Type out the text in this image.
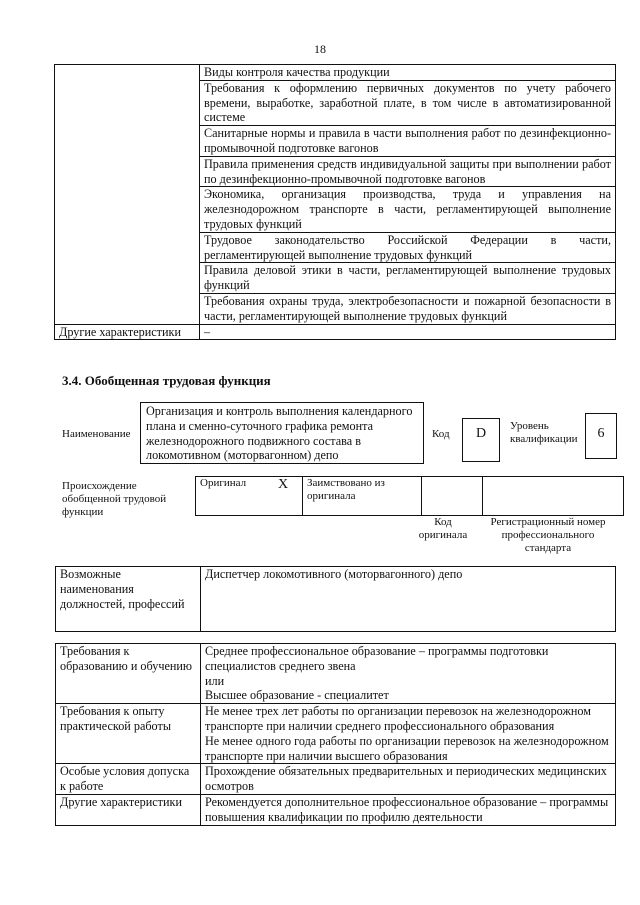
18
	Виды контроля качества продукции
	Требования к оформлению первичных документов по учету рабочего времени, выработке, заработной плате, в том числе в автоматизированной системе
	Санитарные нормы и правила в части выполнения работ по дезинфекционно-промывочной подготовке вагонов
	Правила применения средств индивидуальной защиты при выполнении работ по дезинфекционно-промывочной подготовке вагонов
	Экономика, организация производства, труда и управления на железнодорожном транспорте в части, регламентирующей выполнение трудовых функций
	Трудовое законодательство Российской Федерации в части, регламентирующей выполнение трудовых функций
	Правила деловой этики в части, регламентирующей выполнение трудовых функций
	Требования охраны труда, электробезопасности и пожарной безопасности в части, регламентирующей выполнение трудовых функций
Другие характеристики	–
3.4. Обобщенная трудовая функция
Наименование
Организация и контроль выполнения календарного плана и сменно-суточного графика ремонта железнодорожного подвижного состава в локомотивном (моторвагонном) депо
Код	D	Уровень квалификации	6
Происхождение обобщенной трудовой функции
Оригинал	X	Заимствовано из оригинала		
Код оригинала
Регистрационный номер профессионального стандарта
Возможные наименования должностей, профессий	Диспетчер локомотивного (моторвагонного) депо
Требования к образованию и обучению	Среднее профессиональное образование – программы подготовки специалистов среднего звена
или
Высшее образование - специалитет

Требования к опыту практической работы	Не менее трех лет работы по организации перевозок на железнодорожном транспорте при наличии среднего профессионального образования
Не менее одного года работы по организации перевозок на железнодорожном транспорте при наличии высшего образования

Особые условия допуска к работе	Прохождение обязательных предварительных и периодических медицинских осмотров

Другие характеристики	Рекомендуется дополнительное профессиональное образование – программы повышения квалификации по профилю деятельности
